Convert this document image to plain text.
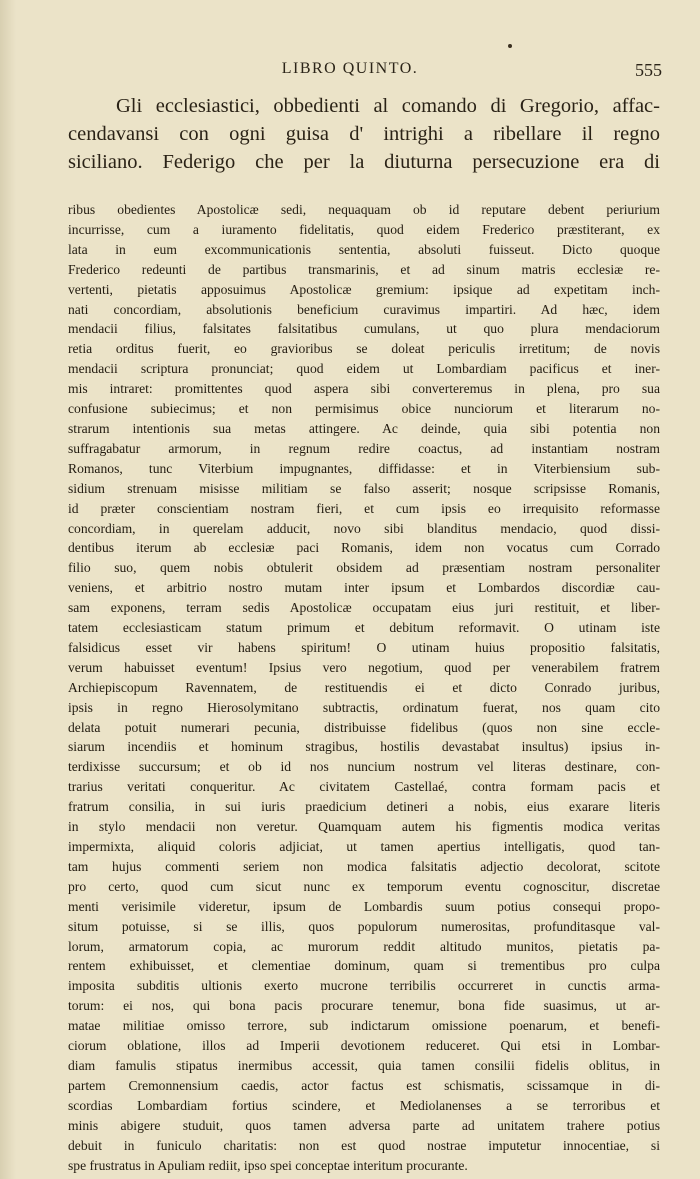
LIBRO QUINTO.	555
Gli ecclesiastici, obbedienti al comando di Gregorio, affac-
cendavansi con ogni guisa d' intrighi a ribellare il regno
siciliano. Federigo che per la diuturna persecuzione era di
ribus obedientes Apostolicæ sedi, nequaquam ob id reputare debent periurium
incurrisse, cum a iuramento fidelitatis, quod eidem Frederico præstiterant, ex
lata in eum excommunicationis sententia, absoluti fuisseut. Dicto quoque
Frederico redeunti de partibus transmarinis, et ad sinum matris ecclesiæ re-
vertenti, pietatis apposuimus Apostolicæ gremium: ipsique ad expetitam inch-
nati concordiam, absolutionis beneficium curavimus impartiri. Ad hæc, idem
mendacii filius, falsitates falsitatibus cumulans, ut quo plura mendaciorum
retia orditus fuerit, eo gravioribus se doleat periculis irretitum; de novis
mendacii scriptura pronunciat; quod eidem ut Lombardiam pacificus et iner-
mis intraret: promittentes quod aspera sibi converteremus in plena, pro sua
confusione subiecimus; et non permisimus obice nunciorum et literarum no-
strarum intentionis sua metas attingere. Ac deinde, quia sibi potentia non
suffragabatur armorum, in regnum redire coactus, ad instantiam nostram
Romanos, tunc Viterbium impugnantes, diffidasse: et in Viterbiensium sub-
sidium strenuam misisse militiam se falso asserit; nosque scripsisse Romanis,
id præter conscientiam nostram fieri, et cum ipsis eo irrequisito reformasse
concordiam, in querelam adducit, novo sibi blanditus mendacio, quod dissi-
dentibus iterum ab ecclesiæ paci Romanis, idem non vocatus cum Corrado
filio suo, quem nobis obtulerit obsidem ad præsentiam nostram personaliter
veniens, et arbitrio nostro mutam inter ipsum et Lombardos discordiæ cau-
sam exponens, terram sedis Apostolicæ occupatam eius juri restituit, et liber-
tatem ecclesiasticam statum primum et debitum reformavit. O utinam iste
falsidicus esset vir habens spiritum! O utinam huius propositio falsitatis,
verum habuisset eventum! Ipsius vero negotium, quod per venerabilem fratrem
Archiepiscopum Ravennatem, de restituendis ei et dicto Conrado juribus,
ipsis in regno Hierosolymitano subtractis, ordinatum fuerat, nos quam cito
delata potuit numerari pecunia, distribuisse fidelibus (quos non sine eccle-
siarum incendiis et hominum stragibus, hostilis devastabat insultus) ipsius in-
terdixisse succursum; et ob id nos nuncium nostrum vel literas destinare, con-
trarius veritati conqueritur. Ac civitatem Castellaé, contra formam pacis et
fratrum consilia, in sui iuris praedicium detineri a nobis, eius exarare literis
in stylo mendacii non veretur. Quamquam autem his figmentis modica veritas
impermixta, aliquid coloris adjiciat, ut tamen apertius intelligatis, quod tan-
tam hujus commenti seriem non modica falsitatis adjectio decolorat, scitote
pro certo, quod cum sicut nunc ex temporum eventu cognoscitur, discretae
menti verisimile videretur, ipsum de Lombardis suum potius consequi propo-
situm potuisse, si se illis, quos populorum numerositas, profunditasque val-
lorum, armatorum copia, ac murorum reddit altitudo munitos, pietatis pa-
rentem exhibuisset, et clementiae dominum, quam si trementibus pro culpa
imposita subditis ultionis exerto mucrone terribilis occurreret in cunctis arma-
torum: ei nos, qui bona pacis procurare tenemur, bona fide suasimus, ut ar-
matae militiae omisso terrore, sub indictarum omissione poenarum, et benefi-
ciorum oblatione, illos ad Imperii devotionem reduceret. Qui etsi in Lombar-
diam famulis stipatus inermibus accessit, quia tamen consilii fidelis oblitus, in
partem Cremonnensium caedis, actor factus est schismatis, scissamque in di-
scordias Lombardiam fortius scindere, et Mediolanenses a se terroribus et
minis abigere studuit, quos tamen adversa parte ad unitatem trahere potius
debuit in funiculo charitatis: non est quod nostrae imputetur innocentiae, si
spe frustratus in Apuliam rediit, ipso spei conceptae interitum procurante.
